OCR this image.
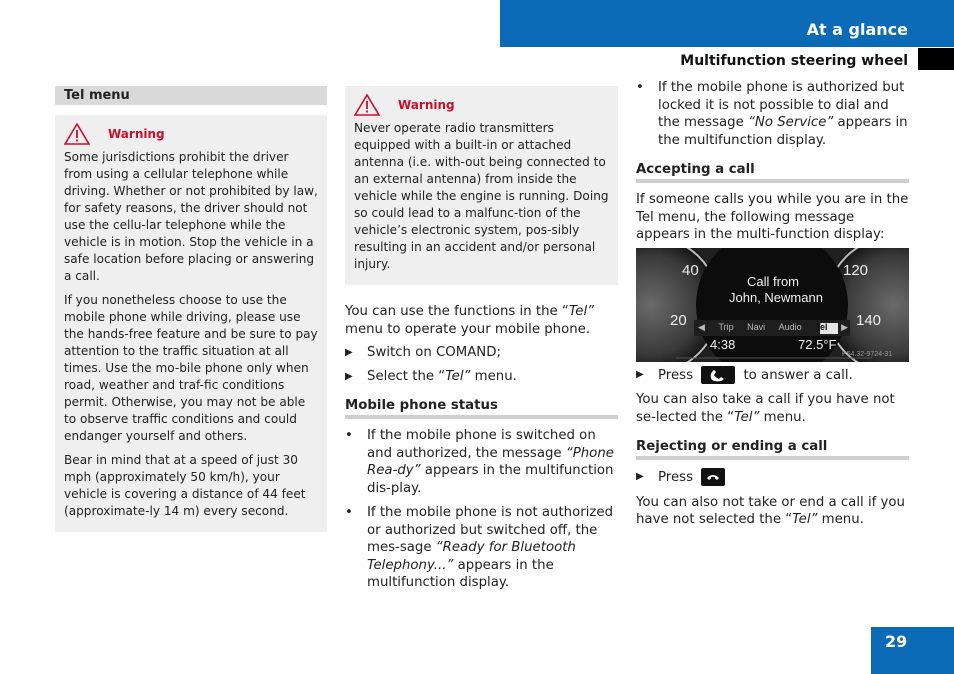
At a glance
Multifunction steering wheel
Tel menu
Warning

Some jurisdictions prohibit the driver from using a cellular telephone while driving. Whether or not prohibited by law, for safety reasons, the driver should not use the cellu-lar telephone while the vehicle is in motion. Stop the vehicle in a safe location before placing or answering a call.

If you nonetheless choose to use the mobile phone while driving, please use the hands-free feature and be sure to pay attention to the traffic situation at all times. Use the mo-bile phone only when road, weather and traf-fic conditions permit. Otherwise, you may not be able to observe traffic conditions and could endanger yourself and others.

Bear in mind that at a speed of just 30 mph (approximately 50 km/h), your vehicle is covering a distance of 44 feet (approximate-ly 14 m) every second.

Warning

Never operate radio transmitters equipped with a built-in or attached antenna (i.e. with-out being connected to an external antenna) from inside the vehicle while the engine is running. Doing so could lead to a malfunc-tion of the vehicle’s electronic system, pos-sibly resulting in an accident and/or personal injury.

You can use the functions in the “Tel” menu to operate your mobile phone.

▶	Switch on COMAND;
▶	Select the “Tel” menu.
Mobile phone status
•	If the mobile phone is switched on and authorized, the message “Phone Rea-dy” appears in the multifunction dis-play.
•	If the mobile phone is not authorized or authorized but switched off, the mes-sage “Ready for Bluetooth Telephony...” appears in the multifunction display.
•	If the mobile phone is authorized but locked it is not possible to dial and the message “No Service” appears in the multifunction display.
Accepting a call

If someone calls you while you are in the Tel menu, the following message appears in the multi-function display:

40
20
120
140
Call from
John, Newmann
◀ Trip Navi Audio Tel ▶
4:38	72.5°F
P54.32-9724-31
▶	Press	to answer a call.

You can also take a call if you have not se-lected the “Tel” menu.

Rejecting or ending a call
▶	Press

You can also not take or end a call if you have not selected the “Tel” menu.

29
